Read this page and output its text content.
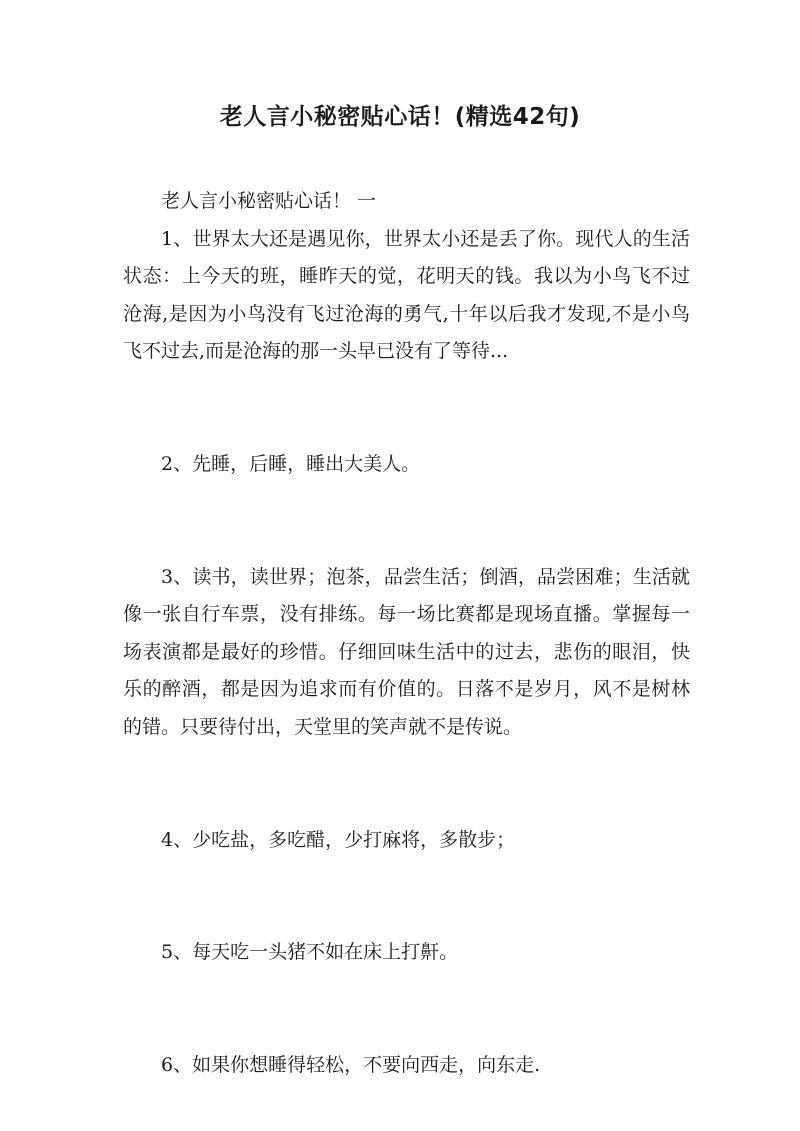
老人言小秘密贴心话！(精选42句)

老人言小秘密贴心话！ 一

1、世界太大还是遇见你，世界太小还是丢了你。现代人的生活状态：上今天的班，睡昨天的觉，花明天的钱。我以为小鸟飞不过沧海,是因为小鸟没有飞过沧海的勇气,十年以后我才发现,不是小鸟飞不过去,而是沧海的那一头早已没有了等待...

2、先睡，后睡，睡出大美人。

3、读书，读世界；泡茶，品尝生活；倒酒，品尝困难；生活就像一张自行车票，没有排练。每一场比赛都是现场直播。掌握每一场表演都是最好的珍惜。仔细回味生活中的过去，悲伤的眼泪，快乐的醉酒，都是因为追求而有价值的。日落不是岁月，风不是树林的错。只要待付出，天堂里的笑声就不是传说。

4、少吃盐，多吃醋，少打麻将，多散步；

5、每天吃一头猪不如在床上打鼾。

6、如果你想睡得轻松，不要向西走，向东走.
